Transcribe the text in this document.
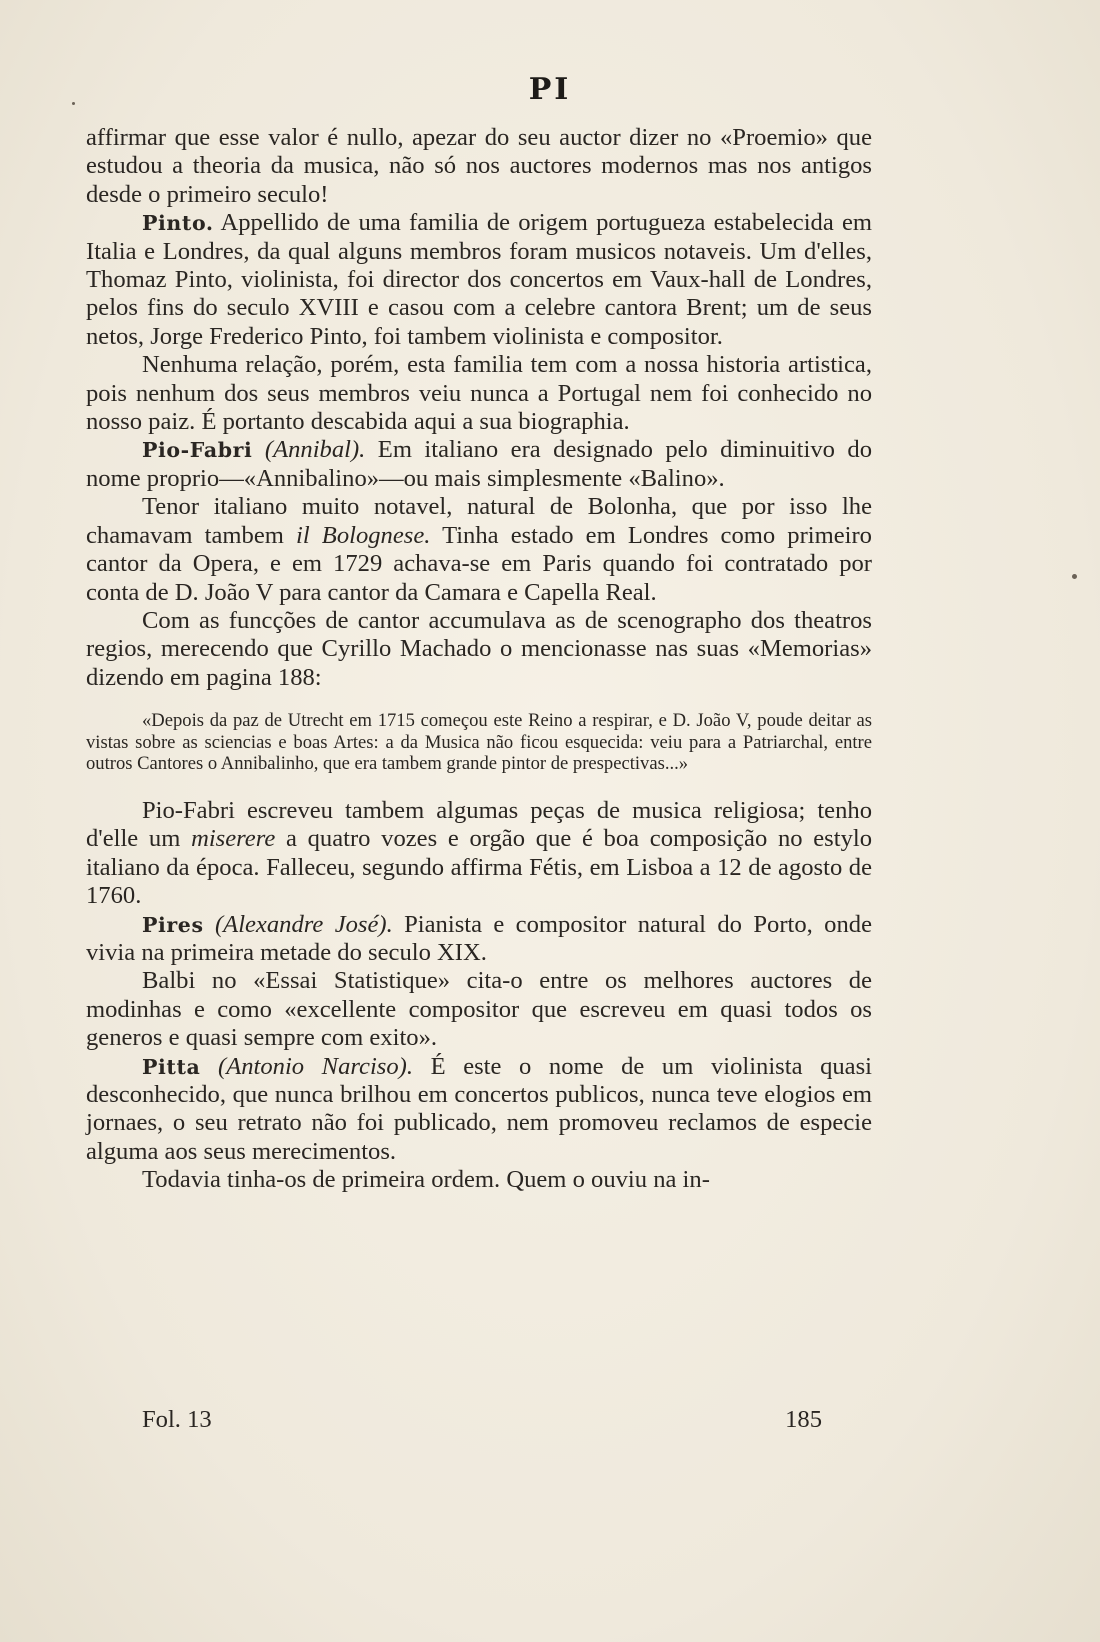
PI

affirmar que esse valor é nullo, apezar do seu auctor dizer no «Proemio» que estudou a theoria da musica, não só nos auctores modernos mas nos antigos desde o primeiro seculo!

Pinto. Appellido de uma familia de origem portugueza estabelecida em Italia e Londres, da qual alguns membros foram musicos notaveis. Um d'elles, Thomaz Pinto, violinista, foi director dos concertos em Vaux-hall de Londres, pelos fins do seculo XVIII e casou com a celebre cantora Brent; um de seus netos, Jorge Frederico Pinto, foi tambem violinista e compositor.

Nenhuma relação, porém, esta familia tem com a nossa historia artistica, pois nenhum dos seus membros veiu nunca a Portugal nem foi conhecido no nosso paiz. É portanto descabida aqui a sua biographia.

Pio-Fabri (Annibal). Em italiano era designado pelo diminuitivo do nome proprio—«Annibalino»—ou mais simplesmente «Balino».

Tenor italiano muito notavel, natural de Bolonha, que por isso lhe chamavam tambem il Bolognese. Tinha estado em Londres como primeiro cantor da Opera, e em 1729 achava-se em Paris quando foi contratado por conta de D. João V para cantor da Camara e Capella Real.

Com as funcções de cantor accumulava as de scenographo dos theatros regios, merecendo que Cyrillo Machado o mencionasse nas suas «Memorias» dizendo em pagina 188:

«Depois da paz de Utrecht em 1715 começou este Reino a respirar, e D. João V, poude deitar as vistas sobre as sciencias e boas Artes: a da Musica não ficou esquecida: veiu para a Patriarchal, entre outros Cantores o Annibalinho, que era tambem grande pintor de prespectivas...»

Pio-Fabri escreveu tambem algumas peças de musica religiosa; tenho d'elle um miserere a quatro vozes e orgão que é boa composição no estylo italiano da época. Falleceu, segundo affirma Fétis, em Lisboa a 12 de agosto de 1760.

Pires (Alexandre José). Pianista e compositor natural do Porto, onde vivia na primeira metade do seculo XIX.

Balbi no «Essai Statistique» cita-o entre os melhores auctores de modinhas e como «excellente compositor que escreveu em quasi todos os generos e quasi sempre com exito».

Pitta (Antonio Narciso). É este o nome de um violinista quasi desconhecido, que nunca brilhou em concertos publicos, nunca teve elogios em jornaes, o seu retrato não foi publicado, nem promoveu reclamos de especie alguma aos seus merecimentos.

Todavia tinha-os de primeira ordem. Quem o ouviu na in-

Fol. 13	185
